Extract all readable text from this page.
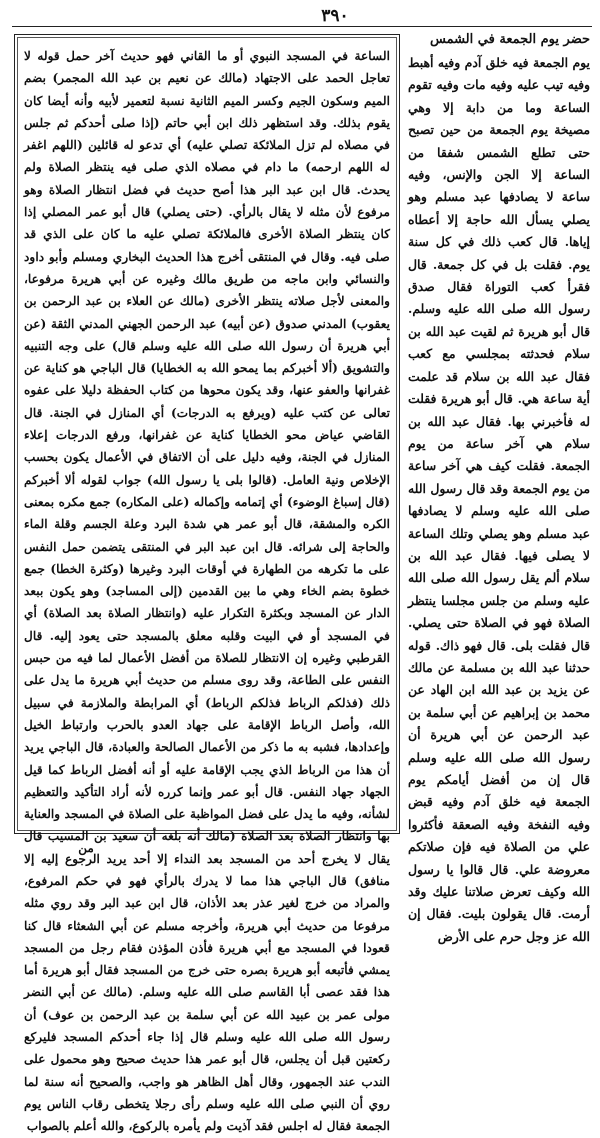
٣٩٠
الساعة في المسجد النبوي أو ما القاني فهو حديث آخر حمل قوله لا تعاجل الحمد على الاجتهاد (مالك عن نعيم بن عبد الله المجمر) بضم الميم وسكون الجيم وكسر الميم الثانية نسبة لتعمير لأبيه وأنه أيضا كان يقوم بذلك. وقد استظهر ذلك ابن أبي حاتم (إذا صلى أحدكم ثم جلس في مصلاه لم تزل الملائكة تصلي عليه) أي تدعو له قائلين (اللهم اغفر له اللهم ارحمه) ما دام في مصلاه الذي صلى فيه ينتظر الصلاة ولم يحدث. قال ابن عبد البر هذا أصح حديث في فضل انتظار الصلاة وهو مرفوع لأن مثله لا يقال بالرأي. (حتى يصلي) قال أبو عمر المصلي إذا كان ينتظر الصلاة الأخرى فالملائكة تصلي عليه ما كان على الذي قد صلى فيه. وقال في المنتقى أخرج هذا الحديث البخاري ومسلم وأبو داود والنسائي وابن ماجه من طريق مالك وغيره عن أبي هريرة مرفوعا، والمعنى لأجل صلاته ينتظر الأخرى (مالك عن العلاء بن عبد الرحمن بن يعقوب) المدني صدوق (عن أبيه) عبد الرحمن الجهني المدني الثقة (عن أبي هريرة أن رسول الله صلى الله عليه وسلم قال) على وجه التنبيه والتشويق (ألا أخبركم بما يمحو الله به الخطايا) قال الباجي هو كناية عن غفرانها والعفو عنها، وقد يكون محوها من كتاب الحفظة دليلا على عفوه تعالى عن كتب عليه (ويرفع به الدرجات) أي المنازل في الجنة. قال القاضي عياض محو الخطايا كناية عن غفرانها، ورفع الدرجات إعلاء المنازل في الجنة، وفيه دليل على أن الاتفاق في الأعمال يكون بحسب الإخلاص ونية العامل. (قالوا بلى يا رسول الله) جواب لقوله ألا أخبركم (قال إسباغ الوضوء) أي إتمامه وإكماله (على المكاره) جمع مكره بمعنى الكره والمشقة، قال أبو عمر هي شدة البرد وعلة الجسم وقلة الماء والحاجة إلى شرائه. قال ابن عبد البر في المنتقى يتضمن حمل النفس على ما تكرهه من الطهارة في أوقات البرد وغيرها (وكثرة الخطا) جمع خطوة بضم الخاء وهي ما بين القدمين (إلى المساجد) وهو يكون ببعد الدار عن المسجد وبكثرة التكرار عليه (وانتظار الصلاة بعد الصلاة) أي في المسجد أو في البيت وقلبه معلق بالمسجد حتى يعود إليه. قال القرطبي وغيره إن الانتظار للصلاة من أفضل الأعمال لما فيه من حبس النفس على الطاعة، وقد روى مسلم من حديث أبي هريرة ما يدل على ذلك (فذلكم الرباط فذلكم الرباط) أي المرابطة والملازمة في سبيل الله، وأصل الرباط الإقامة على جهاد العدو بالحرب وارتباط الخيل وإعدادها، فشبه به ما ذكر من الأعمال الصالحة والعبادة، قال الباجي يريد أن هذا من الرباط الذي يجب الإقامة عليه أو أنه أفضل الرباط كما قيل الجهاد جهاد النفس. قال أبو عمر وإنما كرره لأنه أراد التأكيد والتعظيم لشأنه، وفيه ما يدل على فضل المواظبة على الصلاة في المسجد والعناية بها وانتظار الصلاة بعد الصلاة (مالك أنه بلغه أن سعيد بن المسيب قال يقال لا يخرج أحد من المسجد بعد النداء إلا أحد يريد الرجوع إليه إلا منافق) قال الباجي هذا مما لا يدرك بالرأي فهو في حكم المرفوع، والمراد من خرج لغير عذر بعد الأذان، قال ابن عبد البر وقد روي مثله مرفوعا من حديث أبي هريرة، وأخرجه مسلم عن أبي الشعثاء قال كنا قعودا في المسجد مع أبي هريرة فأذن المؤذن فقام رجل من المسجد يمشي فأتبعه أبو هريرة بصره حتى خرج من المسجد فقال أبو هريرة أما هذا فقد عصى أبا القاسم صلى الله عليه وسلم. (مالك عن أبي النضر مولى عمر بن عبيد الله عن أبي سلمة بن عبد الرحمن بن عوف) أن رسول الله صلى الله عليه وسلم قال إذا جاء أحدكم المسجد فليركع ركعتين قبل أن يجلس، قال أبو عمر هذا حديث صحيح وهو محمول على الندب عند الجمهور، وقال أهل الظاهر هو واجب، والصحيح أنه سنة لما روي أن النبي صلى الله عليه وسلم رأى رجلا يتخطى رقاب الناس يوم الجمعة فقال له اجلس فقد آذيت ولم يأمره بالركوع، والله أعلم بالصواب
حضر يوم الجمعة في الشمس
يوم الجمعة فيه خلق آدم وفيه أهبط وفيه تيب عليه وفيه مات وفيه تقوم الساعة وما من دابة إلا وهي مصيخة يوم الجمعة من حين تصبح حتى تطلع الشمس شفقا من الساعة إلا الجن والإنس، وفيه ساعة لا يصادفها عبد مسلم وهو يصلي يسأل الله حاجة إلا أعطاه إياها. قال كعب ذلك في كل سنة يوم. فقلت بل في كل جمعة. قال فقرأ كعب التوراة فقال صدق رسول الله صلى الله عليه وسلم. قال أبو هريرة ثم لقيت عبد الله بن سلام فحدثته بمجلسي مع كعب فقال عبد الله بن سلام قد علمت أية ساعة هي. قال أبو هريرة فقلت له فأخبرني بها. فقال عبد الله بن سلام هي آخر ساعة من يوم الجمعة. فقلت كيف هي آخر ساعة من يوم الجمعة وقد قال رسول الله صلى الله عليه وسلم لا يصادفها عبد مسلم وهو يصلي وتلك الساعة لا يصلى فيها. فقال عبد الله بن سلام ألم يقل رسول الله صلى الله عليه وسلم من جلس مجلسا ينتظر الصلاة فهو في الصلاة حتى يصلي. قال فقلت بلى. قال فهو ذاك. قوله حدثنا عبد الله بن مسلمة عن مالك عن يزيد بن عبد الله ابن الهاد عن محمد بن إبراهيم عن أبي سلمة بن عبد الرحمن عن أبي هريرة أن رسول الله صلى الله عليه وسلم قال إن من أفضل أيامكم يوم الجمعة فيه خلق آدم وفيه قبض وفيه النفخة وفيه الصعقة فأكثروا علي من الصلاة فيه فإن صلاتكم معروضة علي. قال قالوا يا رسول الله وكيف تعرض صلاتنا عليك وقد أرمت. قال يقولون بليت. فقال إن الله عز وجل حرم على الأرض
من
